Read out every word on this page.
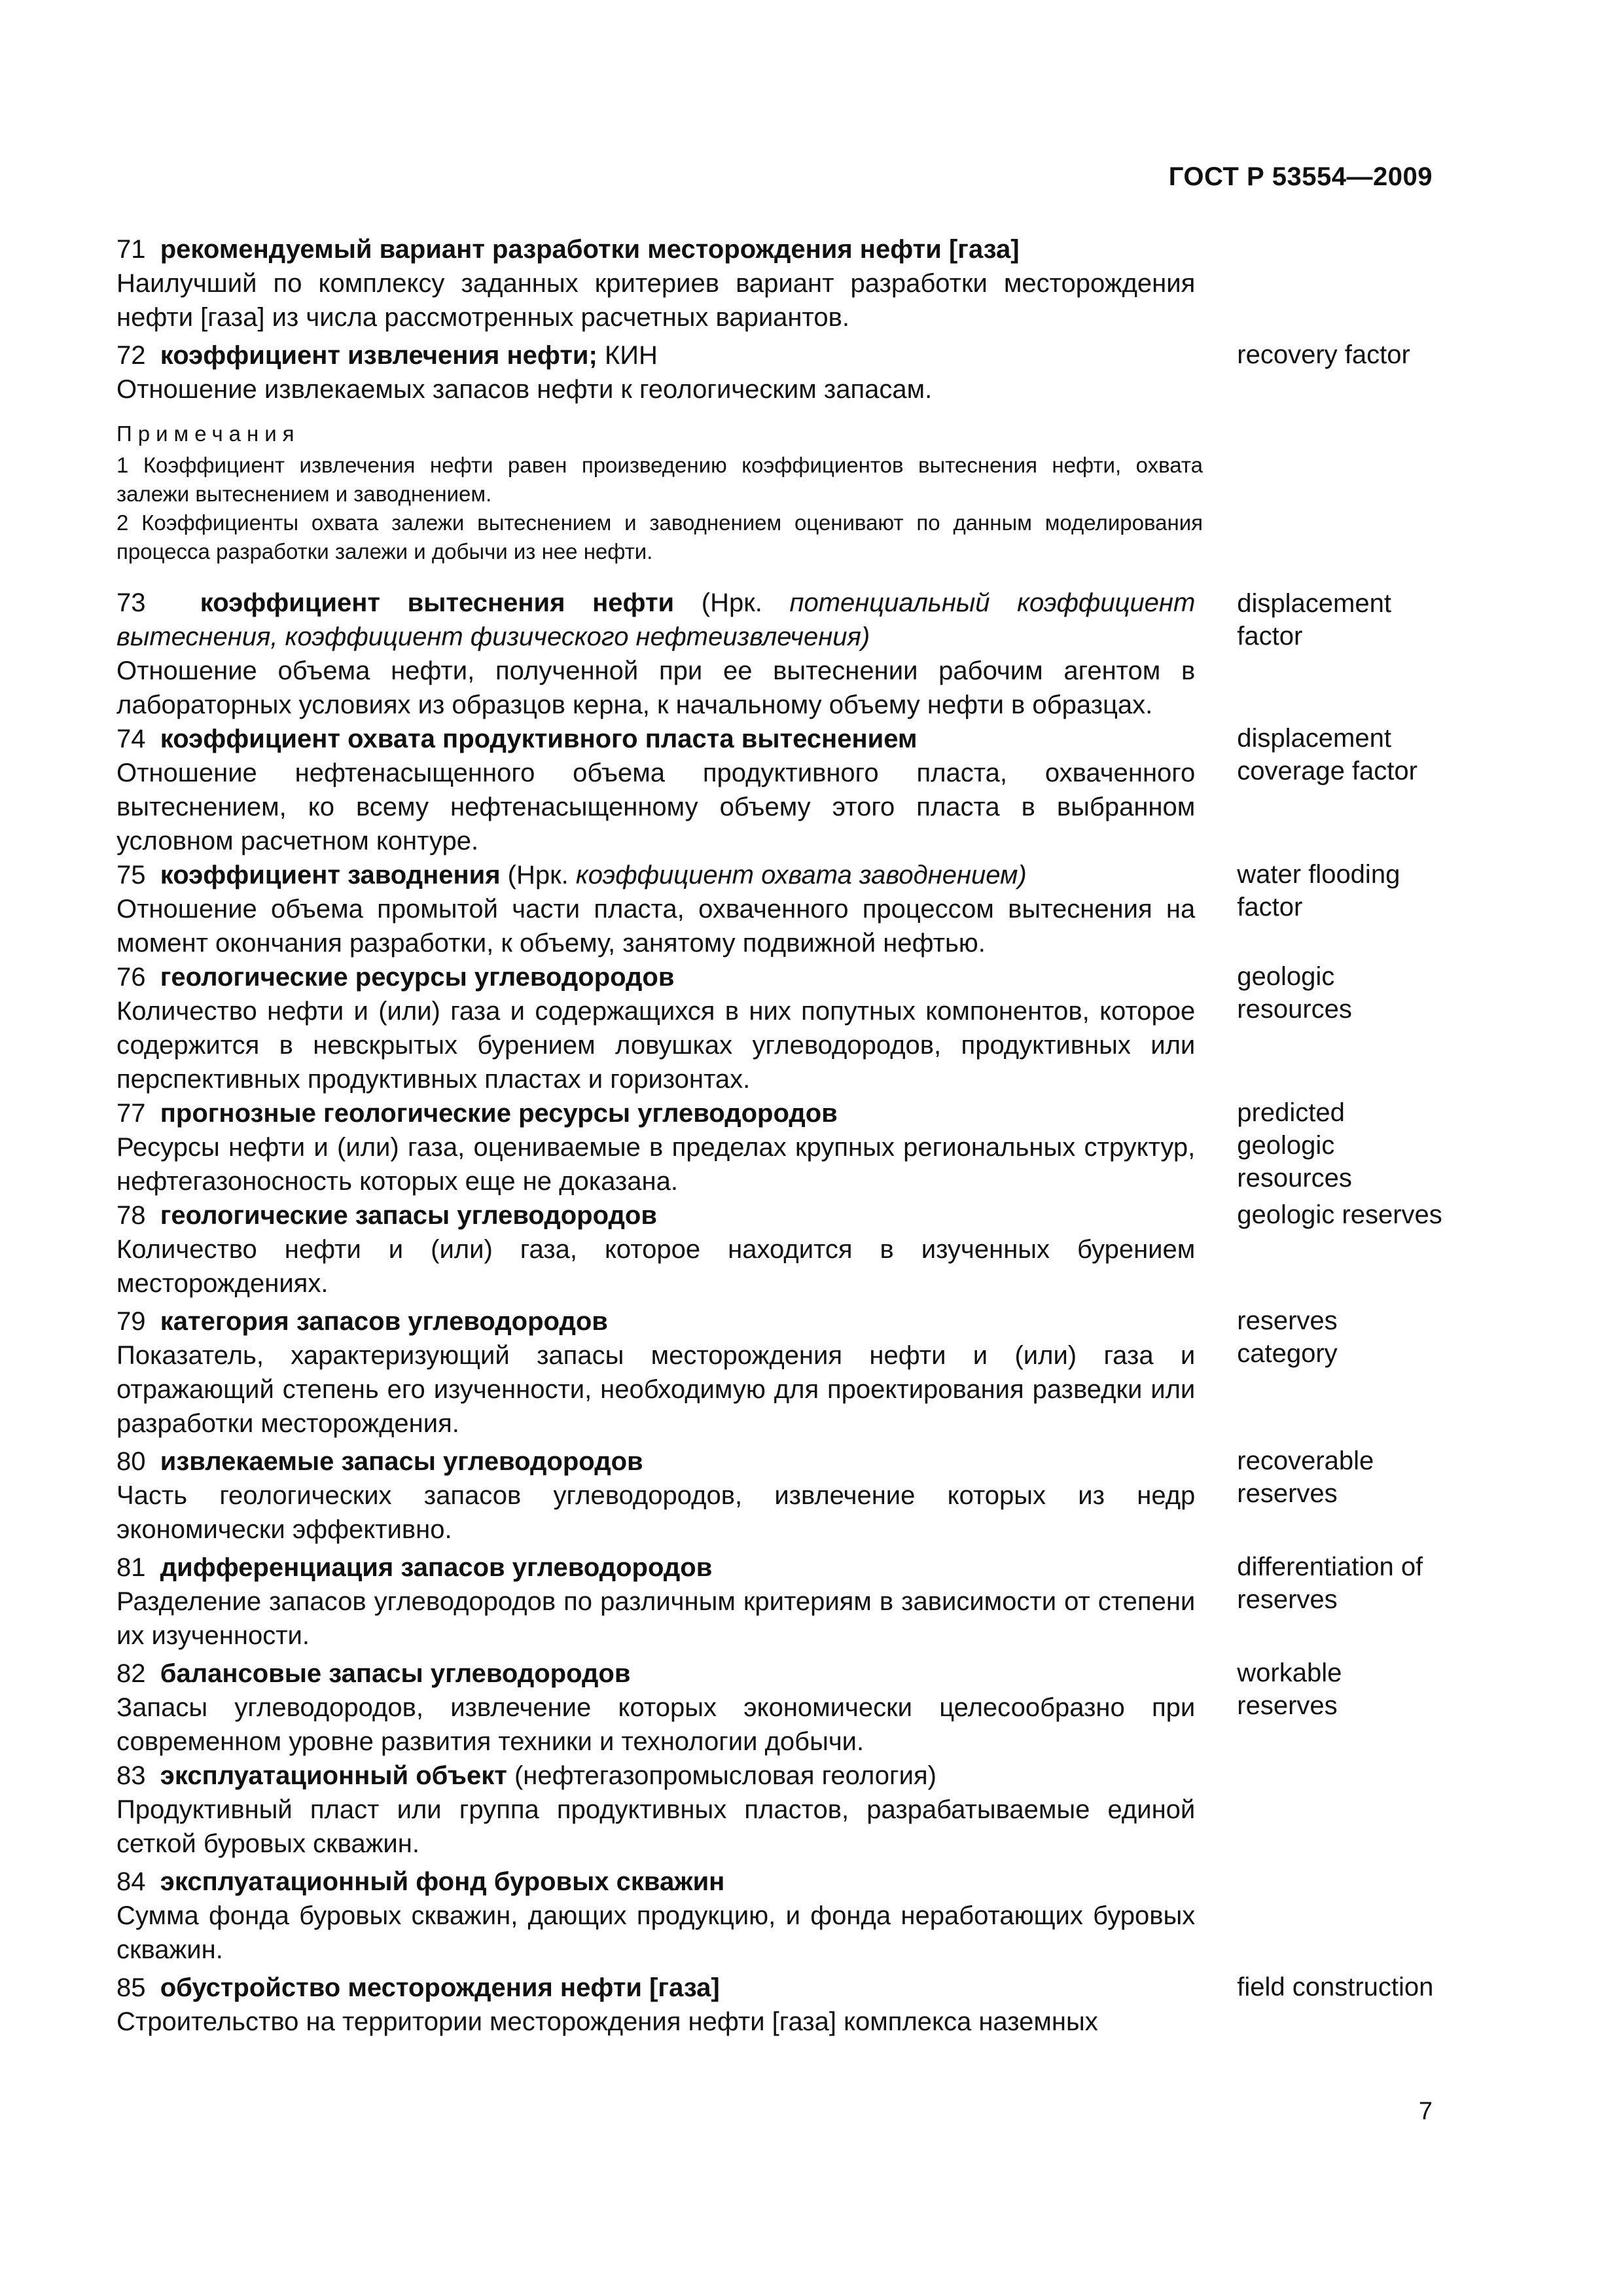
ГОСТ Р 53554—2009
71 рекомендуемый вариант разработки месторождения нефти [газа]
Наилучший по комплексу заданных критериев вариант разработки месторождения нефти [газа] из числа рассмотренных расчетных вариантов.
72 коэффициент извлечения нефти; КИН
Отношение извлекаемых запасов нефти к геологическим запасам.
recovery factor
Примечания
1 Коэффициент извлечения нефти равен произведению коэффициентов вытеснения нефти, охвата залежи вытеснением и заводнением.
2 Коэффициенты охвата залежи вытеснением и заводнением оценивают по данным моделирования процесса разработки залежи и добычи из нее нефти.
73 коэффициент вытеснения нефти (Нрк. потенциальный коэффициент вытеснения, коэффициент физического нефтеизвлечения)
Отношение объема нефти, полученной при ее вытеснении рабочим агентом в лабораторных условиях из образцов керна, к начальному объему нефти в образцах.
displacement factor
74 коэффициент охвата продуктивного пласта вытеснением
Отношение нефтенасыщенного объема продуктивного пласта, охваченного вытеснением, ко всему нефтенасыщенному объему этого пласта в выбранном условном расчетном контуре.
displacement coverage factor
75 коэффициент заводнения (Нрк. коэффициент охвата заводнением)
Отношение объема промытой части пласта, охваченного процессом вытеснения на момент окончания разработки, к объему, занятому подвижной нефтью.
water flooding factor
76 геологические ресурсы углеводородов
Количество нефти и (или) газа и содержащихся в них попутных компонентов, которое содержится в невскрытых бурением ловушках углеводородов, продуктивных или перспективных продуктивных пластах и горизонтах.
geologic resources
77 прогнозные геологические ресурсы углеводородов
Ресурсы нефти и (или) газа, оцениваемые в пределах крупных региональных структур, нефтегазоносность которых еще не доказана.
predicted geologic resources
78 геологические запасы углеводородов
Количество нефти и (или) газа, которое находится в изученных бурением месторождениях.
geologic reserves
79 категория запасов углеводородов
Показатель, характеризующий запасы месторождения нефти и (или) газа и отражающий степень его изученности, необходимую для проектирования разведки или разработки месторождения.
reserves category
80 извлекаемые запасы углеводородов
Часть геологических запасов углеводородов, извлечение которых из недр экономически эффективно.
recoverable reserves
81 дифференциация запасов углеводородов
Разделение запасов углеводородов по различным критериям в зависимости от степени их изученности.
differentiation of reserves
82 балансовые запасы углеводородов
Запасы углеводородов, извлечение которых экономически целесообразно при современном уровне развития техники и технологии добычи.
workable reserves
83 эксплуатационный объект (нефтегазопромысловая геология)
Продуктивный пласт или группа продуктивных пластов, разрабатываемые единой сеткой буровых скважин.
84 эксплуатационный фонд буровых скважин
Сумма фонда буровых скважин, дающих продукцию, и фонда неработающих буровых скважин.
85 обустройство месторождения нефти [газа]
Строительство на территории месторождения нефти [газа] комплекса наземных
field construction
7
